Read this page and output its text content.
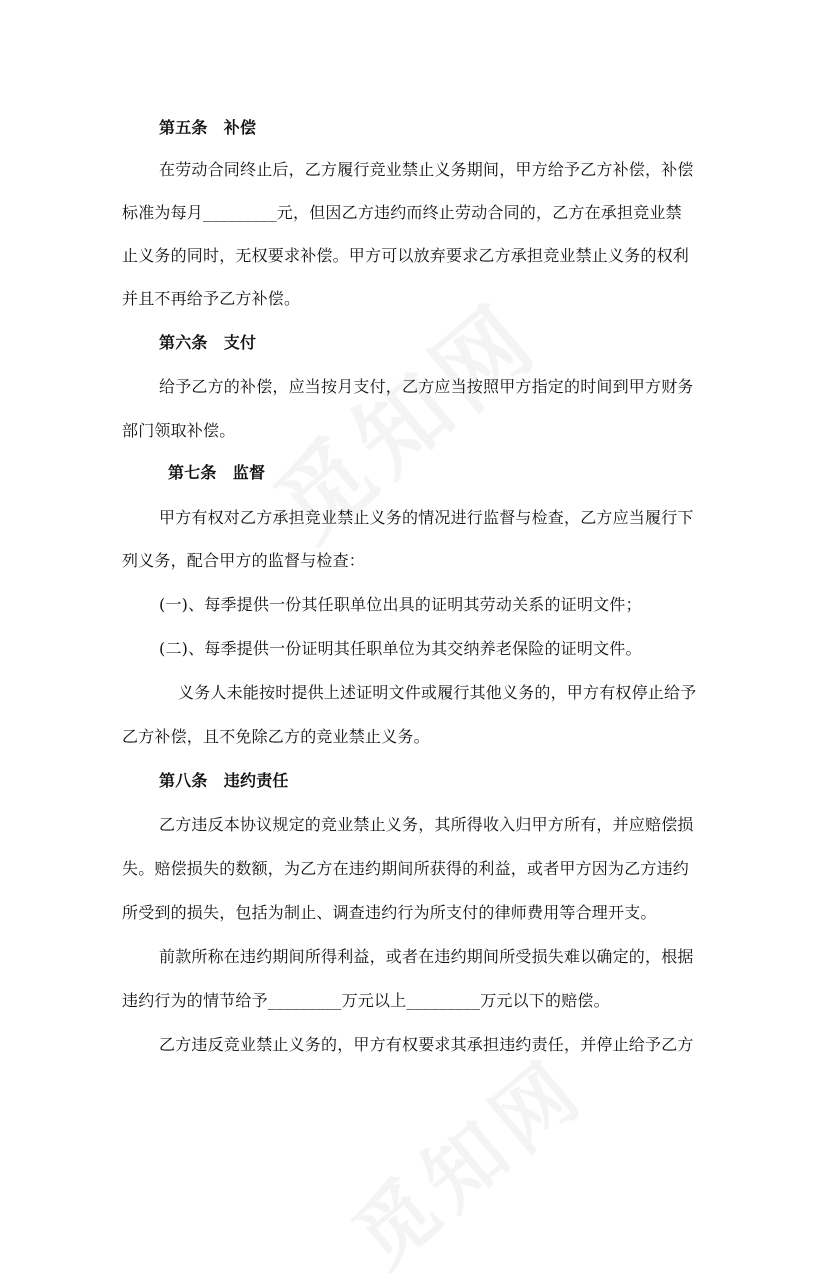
第五条　补偿
在劳动合同终止后，乙方履行竞业禁止义务期间，甲方给予乙方补偿，补偿
标准为每月_________元，但因乙方违约而终止劳动合同的，乙方在承担竞业禁
止义务的同时，无权要求补偿。甲方可以放弃要求乙方承担竞业禁止义务的权利
并且不再给予乙方补偿。
第六条　支付
给予乙方的补偿，应当按月支付，乙方应当按照甲方指定的时间到甲方财务
部门领取补偿。
第七条　监督
甲方有权对乙方承担竞业禁止义务的情况进行监督与检查，乙方应当履行下
列义务，配合甲方的监督与检查：
(一)、每季提供一份其任职单位出具的证明其劳动关系的证明文件；
(二)、每季提供一份证明其任职单位为其交纳养老保险的证明文件。
义务人未能按时提供上述证明文件或履行其他义务的，甲方有权停止给予
乙方补偿，且不免除乙方的竞业禁止义务。
第八条　违约责任
乙方违反本协议规定的竞业禁止义务，其所得收入归甲方所有，并应赔偿损
失。赔偿损失的数额，为乙方在违约期间所获得的利益，或者甲方因为乙方违约
所受到的损失，包括为制止、调查违约行为所支付的律师费用等合理开支。
前款所称在违约期间所得利益，或者在违约期间所受损失难以确定的，根据
违约行为的情节给予_________万元以上_________万元以下的赔偿。
乙方违反竞业禁止义务的，甲方有权要求其承担违约责任，并停止给予乙方
